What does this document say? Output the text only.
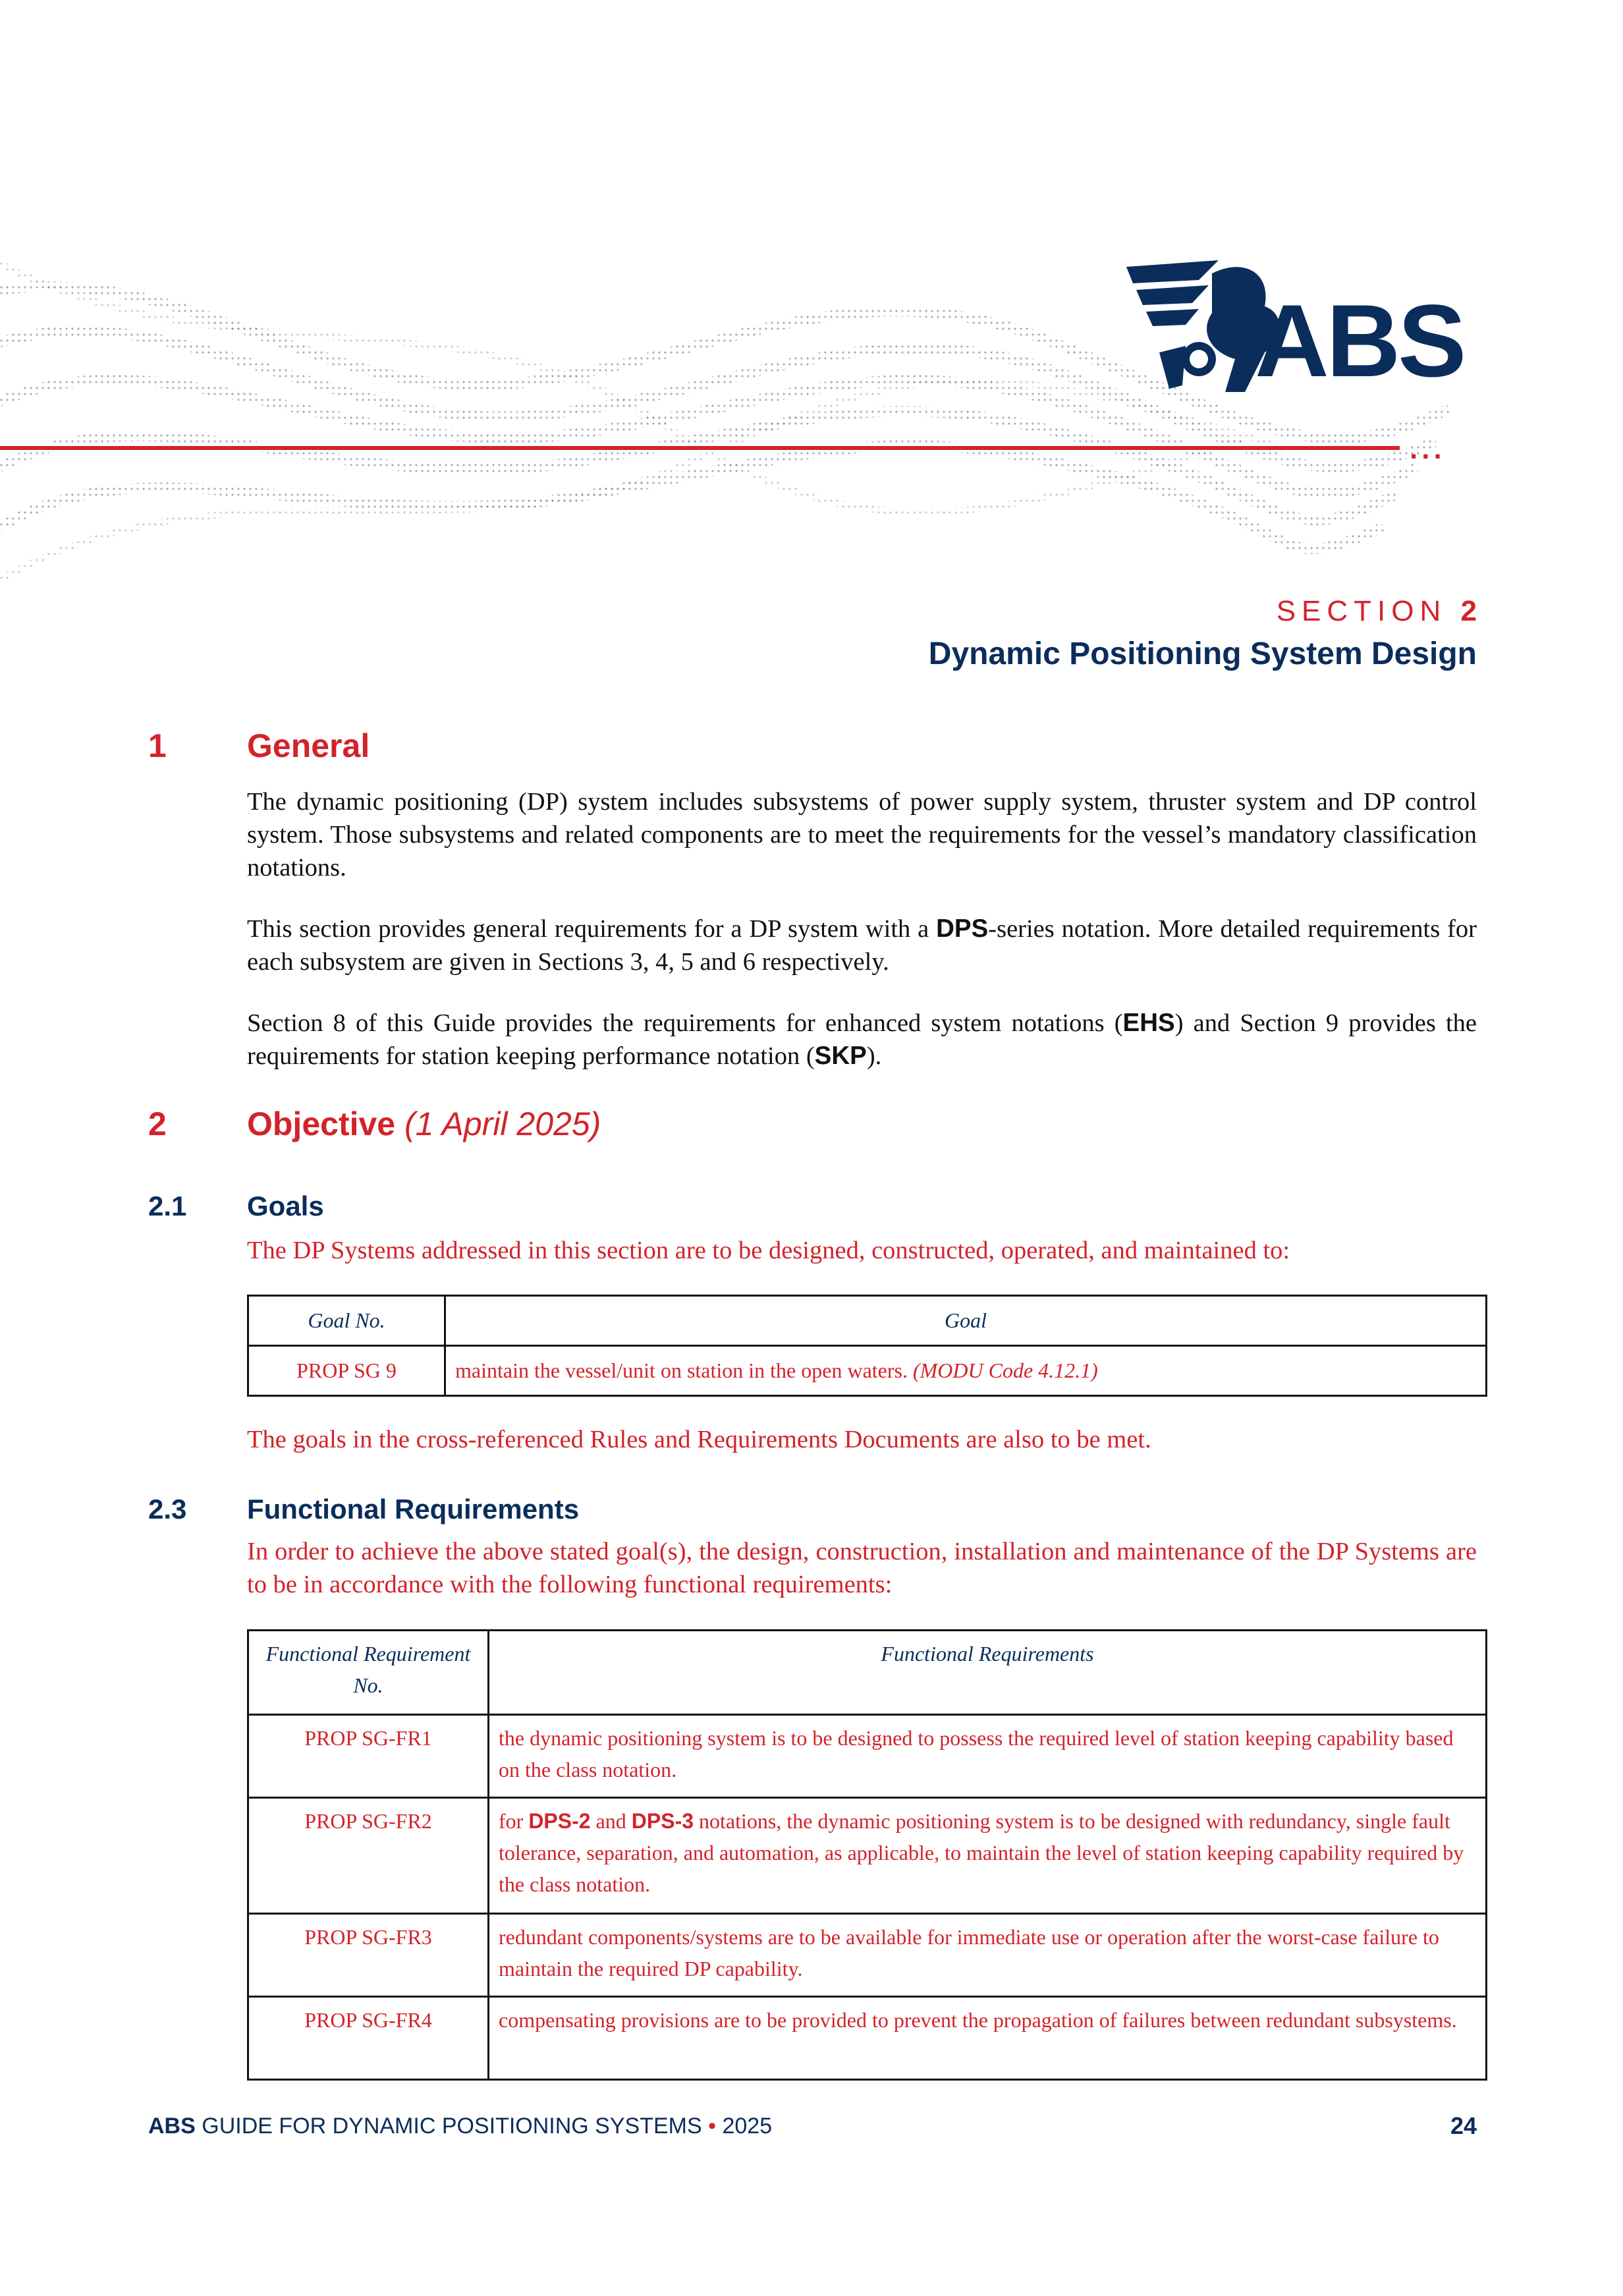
ABS
...
SECTION 2
Dynamic Positioning System Design
1 General
The dynamic positioning (DP) system includes subsystems of power supply system, thruster system and DP control system. Those subsystems and related components are to meet the requirements for the vessel’s mandatory classification notations.
This section provides general requirements for a DP system with a DPS-series notation. More detailed requirements for each subsystem are given in Sections 3, 4, 5 and 6 respectively.
Section 8 of this Guide provides the requirements for enhanced system notations (EHS) and Section 9 provides the requirements for station keeping performance notation (SKP).
2 Objective (1 April 2025)
2.1 Goals
The DP Systems addressed in this section are to be designed, constructed, operated, and maintained to:
Goal No.	Goal
PROP SG 9	maintain the vessel/unit on station in the open waters. (MODU Code 4.12.1)
The goals in the cross-referenced Rules and Requirements Documents are also to be met.
2.3 Functional Requirements
In order to achieve the above stated goal(s), the design, construction, installation and maintenance of the DP Systems are to be in accordance with the following functional requirements:
Functional Requirement No.	Functional Requirements
PROP SG-FR1	the dynamic positioning system is to be designed to possess the required level of station keeping capability based on the class notation.
PROP SG-FR2	for DPS-2 and DPS-3 notations, the dynamic positioning system is to be designed with redundancy, single fault tolerance, separation, and automation, as applicable, to maintain the level of station keeping capability required by the class notation.
PROP SG-FR3	redundant components/systems are to be available for immediate use or operation after the worst-case failure to maintain the required DP capability.
PROP SG-FR4	compensating provisions are to be provided to prevent the propagation of failures between redundant subsystems.
ABS GUIDE FOR DYNAMIC POSITIONING SYSTEMS • 2025	24
